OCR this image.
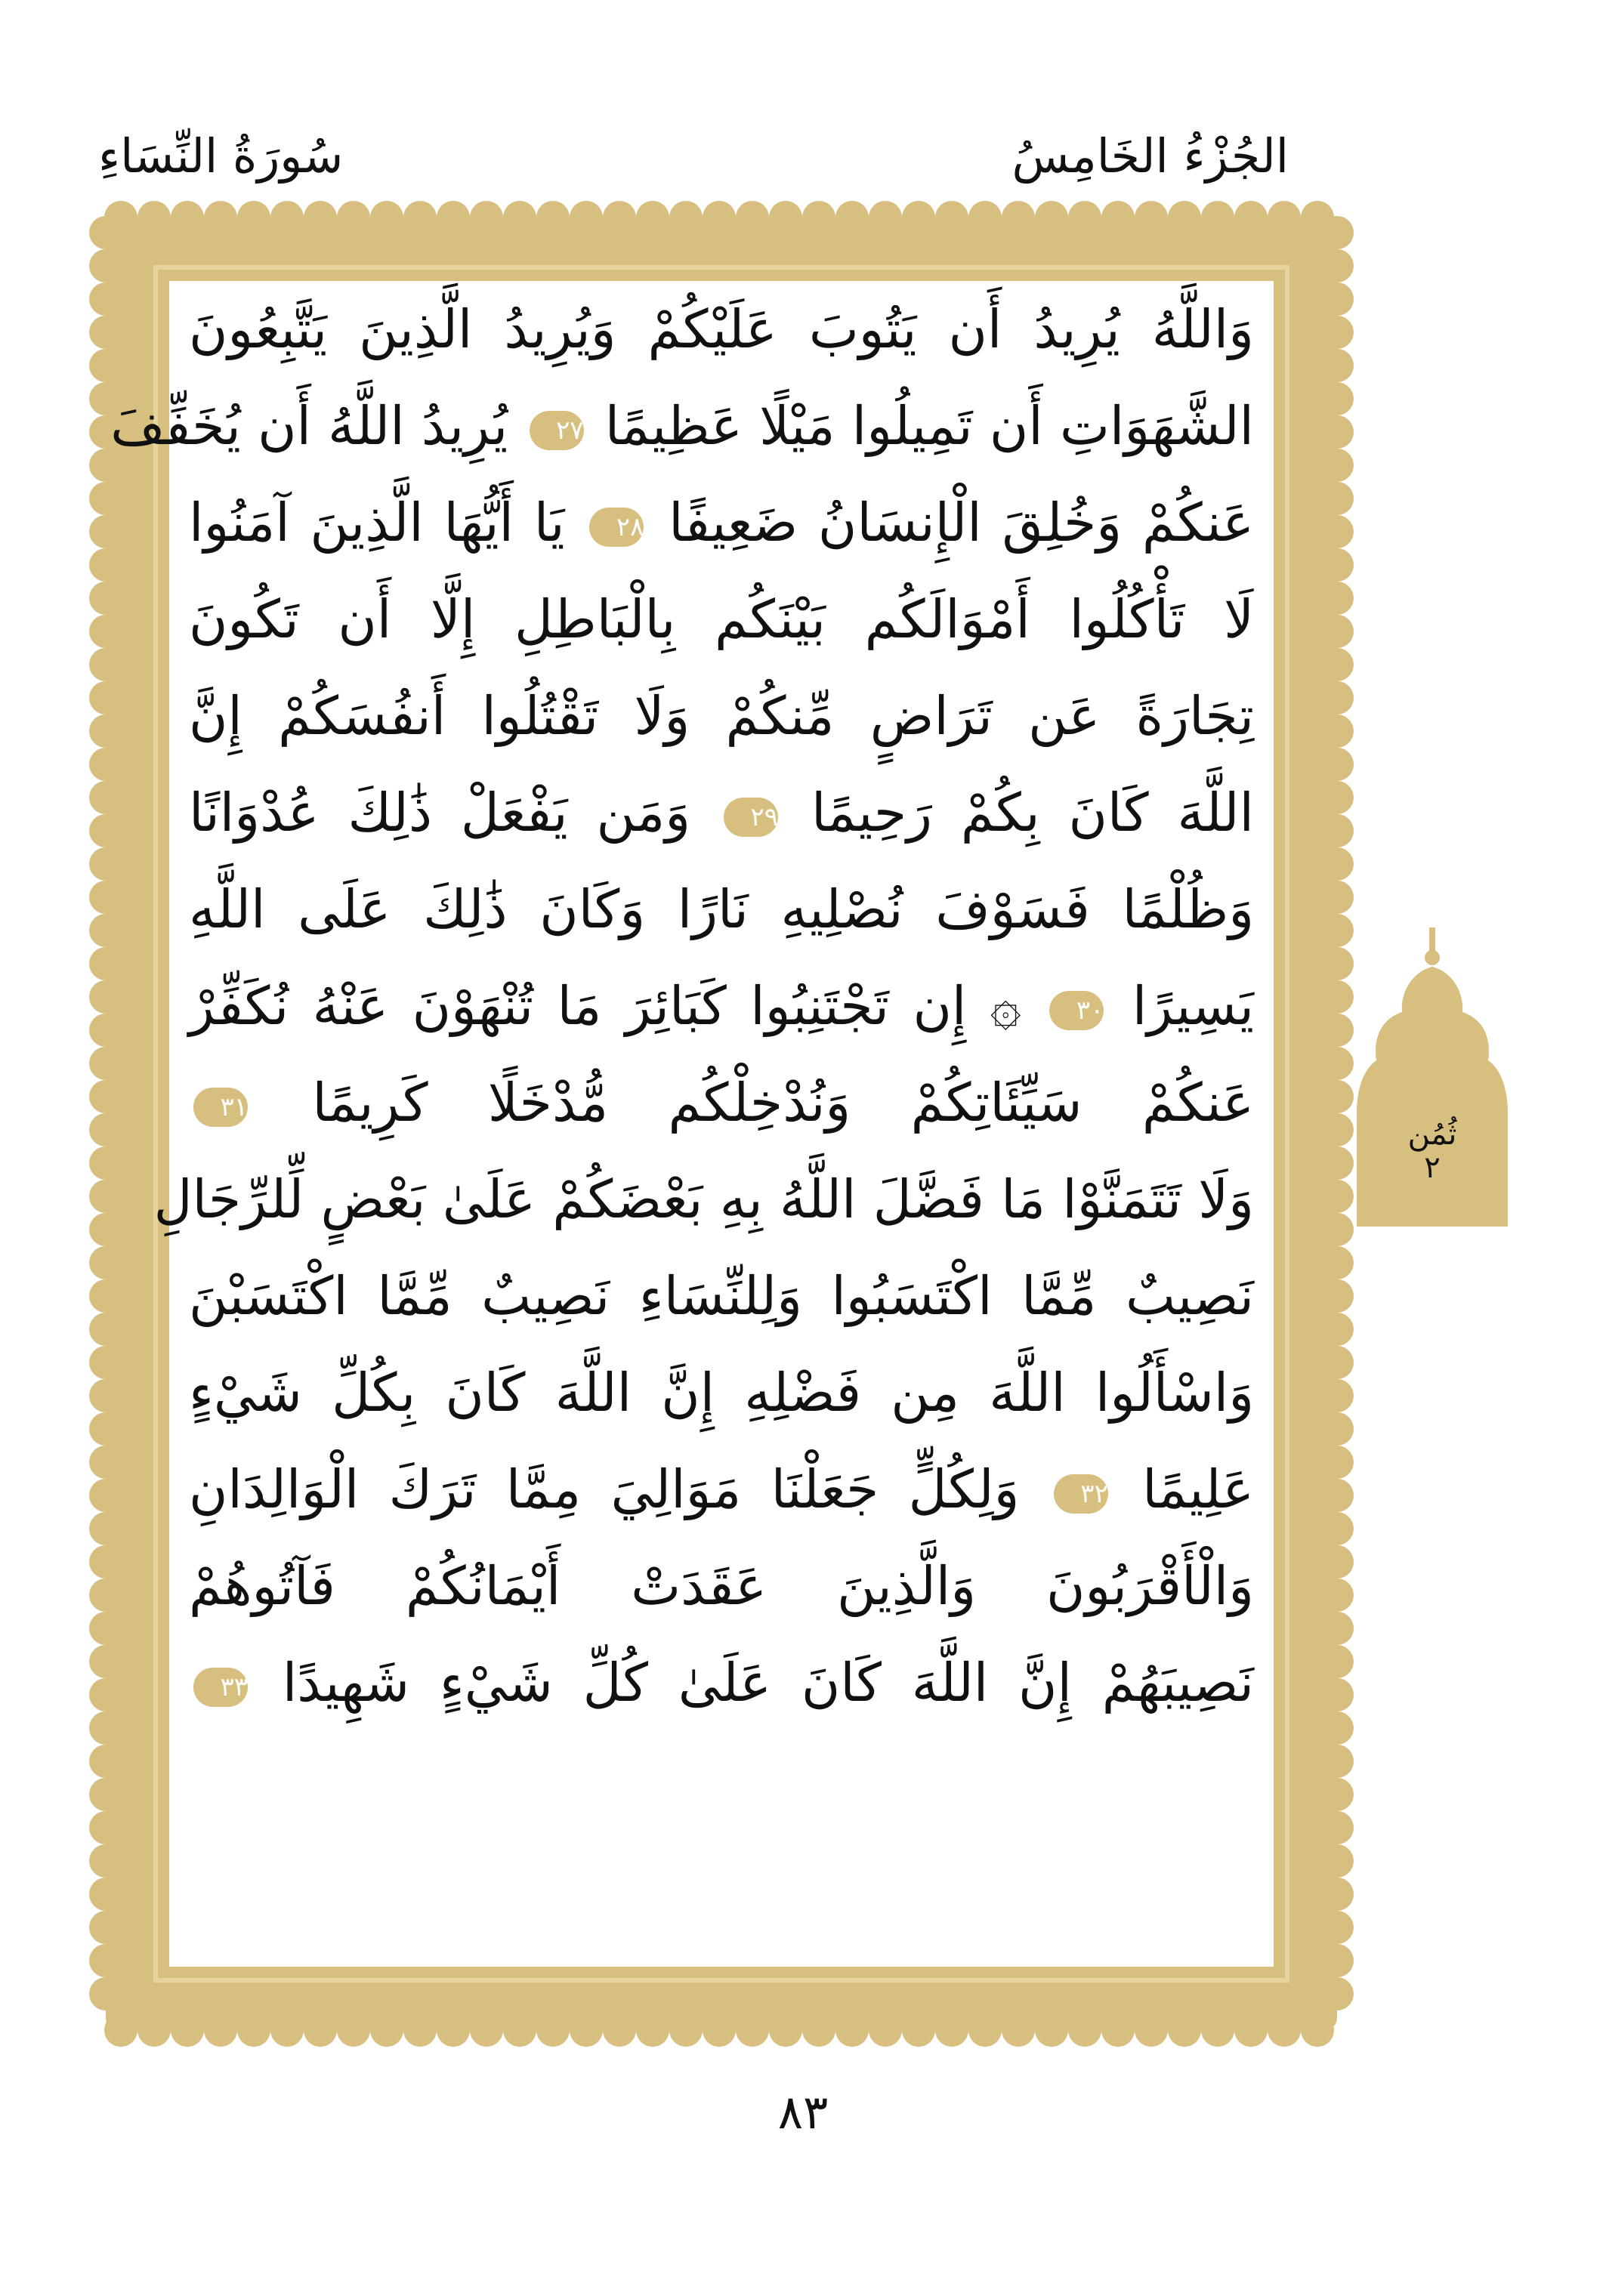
الجُزْءُ الخَامِسُ
سُورَةُ النِّسَاءِ
وَاللَّهُ يُرِيدُ أَن يَتُوبَ عَلَيْكُمْ وَيُرِيدُ الَّذِينَ يَتَّبِعُونَ
الشَّهَوَاتِ أَن تَمِيلُوا مَيْلًا عَظِيمًا ٢٧ يُرِيدُ اللَّهُ أَن يُخَفِّفَ
عَنكُمْ وَخُلِقَ الْإِنسَانُ ضَعِيفًا ٢٨ يَا أَيُّهَا الَّذِينَ آمَنُوا
لَا تَأْكُلُوا أَمْوَالَكُم بَيْنَكُم بِالْبَاطِلِ إِلَّا أَن تَكُونَ
تِجَارَةً عَن تَرَاضٍ مِّنكُمْ وَلَا تَقْتُلُوا أَنفُسَكُمْ إِنَّ
اللَّهَ كَانَ بِكُمْ رَحِيمًا ٢٩ وَمَن يَفْعَلْ ذَٰلِكَ عُدْوَانًا
وَظُلْمًا فَسَوْفَ نُصْلِيهِ نَارًا وَكَانَ ذَٰلِكَ عَلَى اللَّهِ
يَسِيرًا ٣٠ ۞ إِن تَجْتَنِبُوا كَبَائِرَ مَا تُنْهَوْنَ عَنْهُ نُكَفِّرْ
عَنكُمْ سَيِّئَاتِكُمْ وَنُدْخِلْكُم مُّدْخَلًا كَرِيمًا ٣١
وَلَا تَتَمَنَّوْا مَا فَضَّلَ اللَّهُ بِهِ بَعْضَكُمْ عَلَىٰ بَعْضٍ لِّلرِّجَالِ
نَصِيبٌ مِّمَّا اكْتَسَبُوا وَلِلنِّسَاءِ نَصِيبٌ مِّمَّا اكْتَسَبْنَ
وَاسْأَلُوا اللَّهَ مِن فَضْلِهِ إِنَّ اللَّهَ كَانَ بِكُلِّ شَيْءٍ
عَلِيمًا ٣٢ وَلِكُلٍّ جَعَلْنَا مَوَالِيَ مِمَّا تَرَكَ الْوَالِدَانِ
وَالْأَقْرَبُونَ وَالَّذِينَ عَقَدَتْ أَيْمَانُكُمْ فَآتُوهُمْ
نَصِيبَهُمْ إِنَّ اللَّهَ كَانَ عَلَىٰ كُلِّ شَيْءٍ شَهِيدًا ٣٣
ثُمُن
٢
٨٣
